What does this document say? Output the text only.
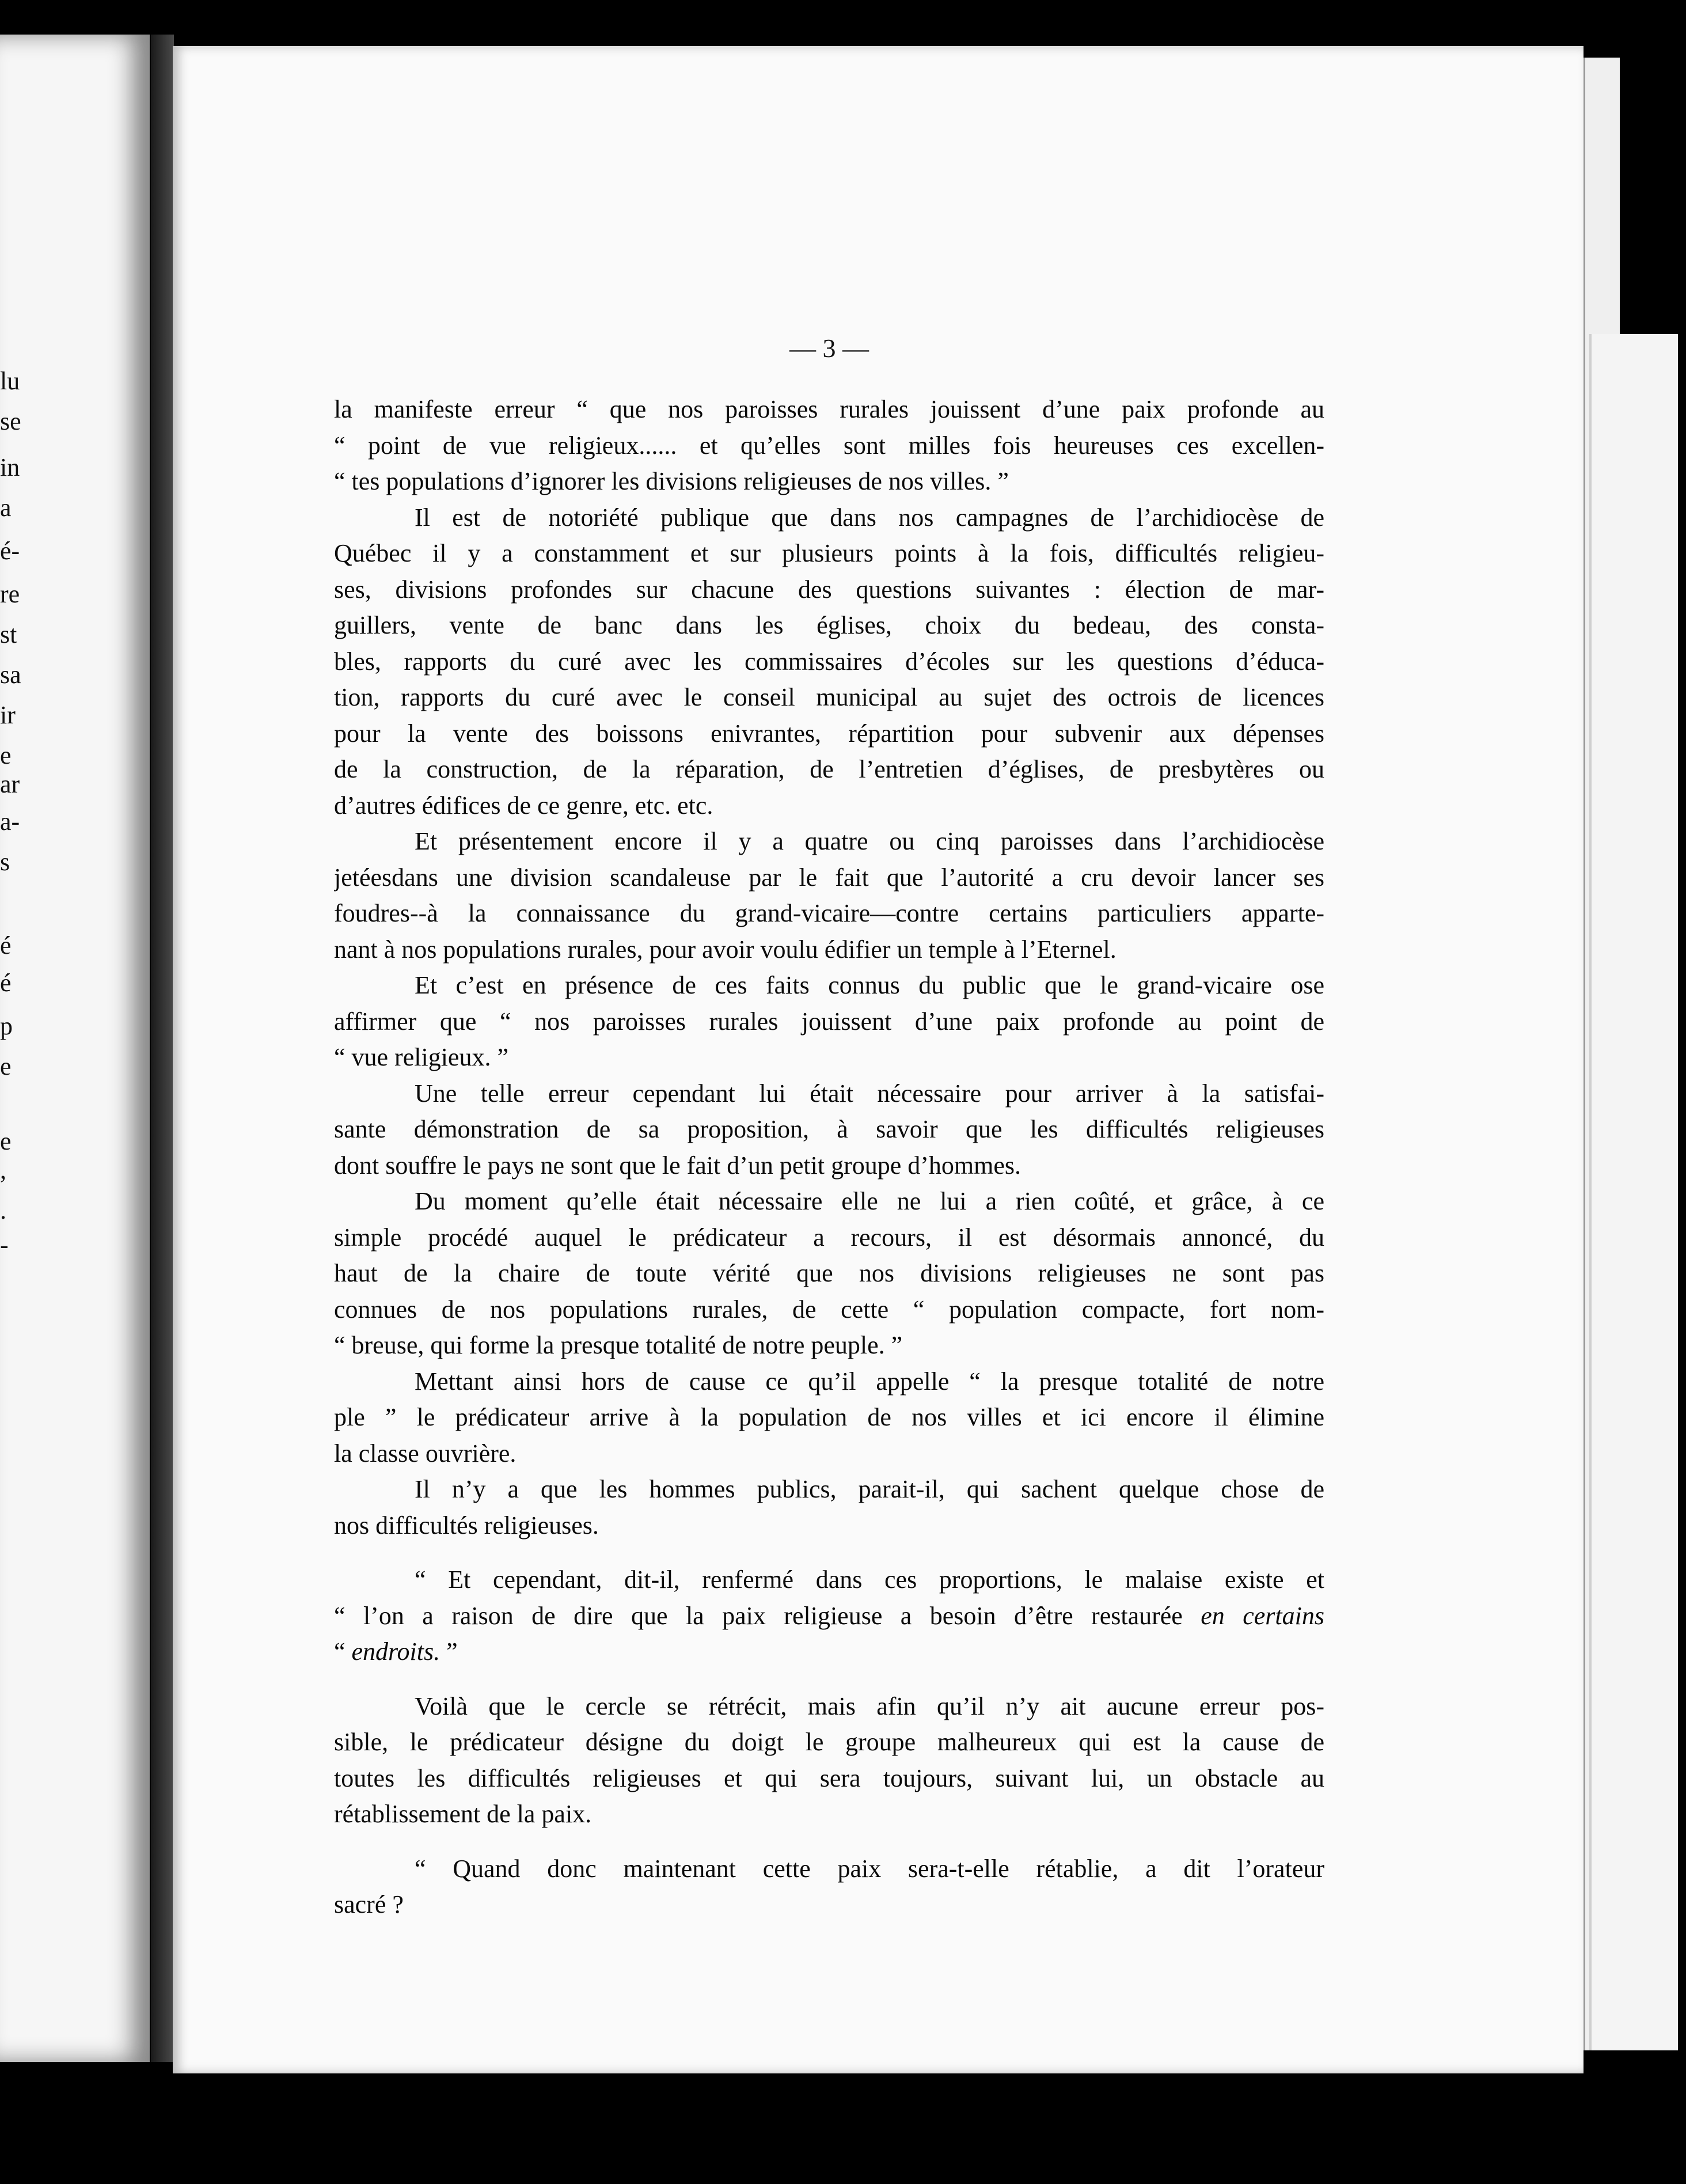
lu
se
in
a
é-
re
st
sa
ir
e
ar
a-
s
é
é
p
e
e
,
.
-
— 3 —
la manifeste erreur “ que nos paroisses rurales jouissent d’une paix profonde au
“ point de vue religieux...... et qu’elles sont milles fois heureuses ces excellen-
“ tes populations d’ignorer les divisions religieuses de nos villes. ”
Il est de notoriété publique que dans nos campagnes de l’archidiocèse de
Québec il y a constamment et sur plusieurs points à la fois, difficultés religieu-
ses, divisions profondes sur chacune des questions suivantes : élection de mar-
guillers, vente de banc dans les églises, choix du bedeau, des consta-
bles, rapports du curé avec les commissaires d’écoles sur les questions d’éduca-
tion, rapports du curé avec le conseil municipal au sujet des octrois de licences
pour la vente des boissons enivrantes, répartition pour subvenir aux dépenses
de la construction, de la réparation, de l’entretien d’églises, de presbytères ou
d’autres édifices de ce genre, etc. etc.
Et présentement encore il y a quatre ou cinq paroisses dans l’archidiocèse
jetéesdans une division scandaleuse par le fait que l’autorité a cru devoir lancer ses
foudres--à la connaissance du grand-vicaire—contre certains particuliers apparte-
nant à nos populations rurales, pour avoir voulu édifier un temple à l’Eternel.
Et c’est en présence de ces faits connus du public que le grand-vicaire ose
affirmer que “ nos paroisses rurales jouissent d’une paix profonde au point de
“ vue religieux. ”
Une telle erreur cependant lui était nécessaire pour arriver à la satisfai-
sante démonstration de sa proposition, à savoir que les difficultés religieuses
dont souffre le pays ne sont que le fait d’un petit groupe d’hommes.
Du moment qu’elle était nécessaire elle ne lui a rien coûté, et grâce, à ce
simple procédé auquel le prédicateur a recours, il est désormais annoncé, du
haut de la chaire de toute vérité que nos divisions religieuses ne sont pas
connues de nos populations rurales, de cette “ population compacte, fort nom-
“ breuse, qui forme la presque totalité de notre peuple. ”
Mettant ainsi hors de cause ce qu’il appelle “ la presque totalité de notre
ple ” le prédicateur arrive à la population de nos villes et ici encore il élimine
la classe ouvrière.
Il n’y a que les hommes publics, parait-il, qui sachent quelque chose de
nos difficultés religieuses.
“ Et cependant, dit-il, renfermé dans ces proportions, le malaise existe et
“ l’on a raison de dire que la paix religieuse a besoin d’être restaurée en certains
“ endroits. ”
Voilà que le cercle se rétrécit, mais afin qu’il n’y ait aucune erreur pos-
sible, le prédicateur désigne du doigt le groupe malheureux qui est la cause de
toutes les difficultés religieuses et qui sera toujours, suivant lui, un obstacle au
rétablissement de la paix.
“ Quand donc maintenant cette paix sera-t-elle rétablie, a dit l’orateur
sacré ?
